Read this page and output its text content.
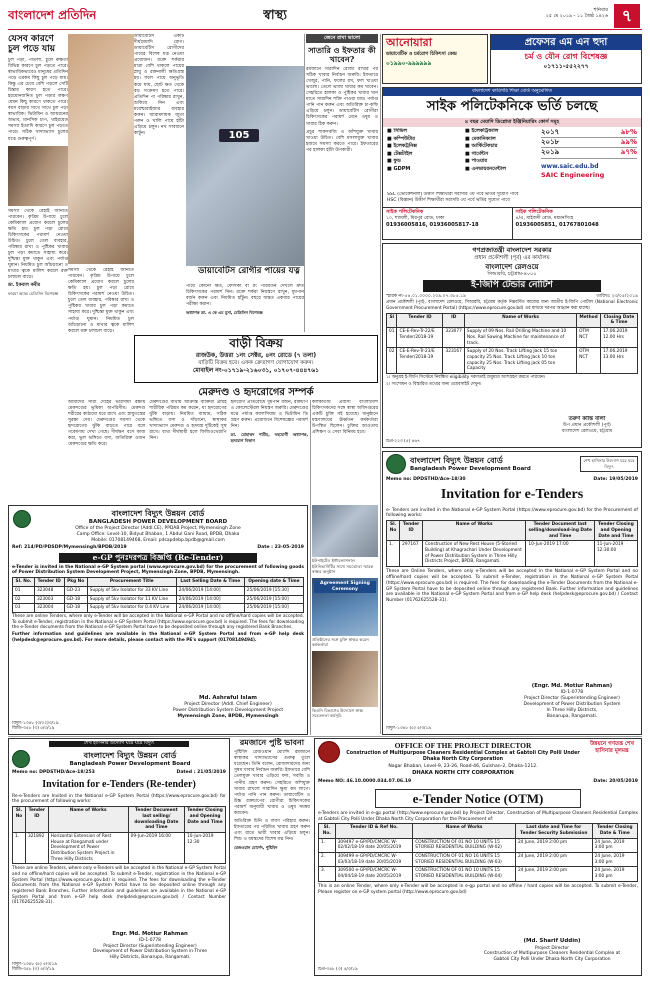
বাংলাদেশ প্রতিদিন	স্বাস্থ্য	শনিবার
২৫ মে ২০১৯ - ১১ জৈষ্ঠ ১৪২৬ ৭
যেসব কারণে চুল পড়ে যায়

চুল পড়া, পাতলা, চুলে রুক্ষতা বিভিন্ন কারণে চুল পড়তে পারে। স্বাভাবিকভাবেও মানুষের প্রতিদিন পড়ে এরকম কিছু চুল পড়ে যায়। কিন্তু এর চেয়ে বেশি পড়লে সেটি চিন্তার কারণ হতে পারে। হরমোনজনিত চুল পড়ার লক্ষণ যেমন কিছু কারণে থাকতে পারে। বয়স বাড়ার সাথে সাথে চুল পড়া স্বাভাবিক। ভিটামিন ও আয়রনের অভাব, মানসিক চাপ, থাইরয়েড সমস্যা ইত্যাদি কারণে চুল পড়তে পারে। সঠিক খাদ্যাভ্যাস চুলের যত্নে গুরুত্বপূর্ণ।

সমস্যা থেকে রেহাই জানতে পারবেন। কৃত্রিম উপায়ে চুলে কেমিক্যাল প্রয়োগ করলে চুলের ক্ষতি হয়। চুল পড়া রোধে চিকিৎসকের পরামর্শ নেওয়া উচিত। চুলে তেল ব্যবহার, পরিষ্কার রাখা ও পুষ্টিকর খাবার চুল পড়া কমাতে সাহায্য করে। দুশ্চিন্তা মুক্ত থাকুন এবং পর্যাপ্ত ঘুমান। নিয়মিত চুল আঁচড়ানো ও মাথার ত্বকে মালিশ করলে রক্ত চলাচল বাড়ে।

ডা. ইকবাল কবীর

ফারমা অ্যান্ড মেডিসিন বিশেষজ্ঞ

105

ডায়াবেটিস একটি দীর্ঘমেয়াদি রোগ। ডায়াবেটিস রোগীদের পায়ের বিশেষ যত্ন নেওয়া প্রয়োজন। রক্তে শর্করার মাত্রা বেশি থাকলে পায়ের স্নায়ু ও রক্তনালী ক্ষতিগ্রস্ত হয়। ফলে পায়ে অনুভূতি কমে যায়, ছোট ক্ষত থেকে বড় সংক্রমণ হতে পারে। প্রতিদিন পা পরিষ্কার রাখুন, শুকিয়ে নিন এবং ময়েশ্চারাইজার ব্যবহার করুন। আরামদায়ক জুতা পরুন ও খালি পায়ে হাঁটা এড়িয়ে চলুন। নখ সাবধানে কাটুন।

ডায়াবেটিস রোগীর পায়ের যত্ন

পায়ে কোনো ক্ষত, ফোসকা বা রং পরিবর্তন দেখলে দ্রুত চিকিৎসকের পরামর্শ নিন। রক্তে শর্করা নিয়ন্ত্রণে রাখুন, ধূমপান বর্জন করুন এবং নিয়মিত হাঁটুন। বছরে অন্তত একবার পায়ের পরীক্ষা করান।

অধ্যাপক ডা. এ কে এম মূসা, মেডিসিন বিশেষজ্ঞ

জেনে রাখা ভালো
সাতারি ও ইফতার কী খাবেন?

রমজানে সারাদিন রোজা রাখার পর সঠিক খাবার নির্বাচন জরুরি। ইফতারে খেজুর, পানি, ফলের রস, ফল খাওয়া ভালো। তেলে ভাজা খাবার কম খাবেন। সেহরিতে হালকা ও পুষ্টিকর খাবার খান যাতে সারাদিন শক্তি পাওয়া যায়। পর্যাপ্ত পানি পান করুন এবং অতিরিক্ত চা-কফি এড়িয়ে চলুন। ডায়াবেটিস রোগীরা চিকিৎসকের পরামর্শ মেনে ওষুধ ও খাবার ঠিক করুন।

প্রচুর শাকসবজি ও আঁশযুক্ত খাবার খাওয়া উচিত। বেশি মসলাযুক্ত খাবার হজমে সমস্যা করতে পারে। ইফতারের পর হালকা হাঁটা উপকারী।

আনোয়ারা
ডায়াবেটিক ও চর্মরোগ চিকিৎসা কেন্দ্র
০১৯৯০-৯৯৯৯৯৯
প্রফেসর এম এন হুদা
চর্ম ও যৌন রোগ বিশেষজ্ঞ
০১৭১১-৫৫২২৭৭
বাংলাদেশ কারিগরি শিক্ষা বোর্ড অনুমোদিত
সাইক পলিটেকনিকে ভর্তি চলছে
৪ বছর মেয়াদি ডিপ্লোমা ইঞ্জিনিয়ারিং কোর্স সমূহ
■ সিভিল	■ ইলেকট্রিক্যাল
■ কম্পিউটার	■ মেকানিক্যাল
■ ইলেকট্রনিক্স	■ আর্কিটেকচার
■ টেক্সটাইল	■ গার্মেন্টস
■ ফুড	■ পাওয়ার
■ GDPM	■ এনভায়রনমেন্টাল
২০১৭	৯৮%
২০১৮	৯৯%
২০১৯	৯৭%
www.saic.edu.bd
SAIC Engineering
SSC (ভোকেশনাল) উত্তীর্ণ শিক্ষার্থীরা সরাসরি ৩য় পর্বে ভর্তির সুযোগ পাবে
HSC (বিজ্ঞান) উত্তীর্ণ শিক্ষার্থীরা সরাসরি ৩য় পর্বে ভর্তির সুযোগ পাবে
সাইক পলিটেকনিক
১০, শ্যামলী, মিরপুর রোড, ঢাকা
01936005816, 01936005817-18
সাইক পলিটেকনিক
৪/এ, মাইজদী রোড, ময়মনসিংহ
01936005851, 01767801048
গণপ্রজাতন্ত্রী বাংলাদেশ সরকার
প্রধান প্রকৌশলী (পূর্ব) এর কার্যালয়
বাংলাদেশ রেলওয়ে
সিআরবি, চট্টগ্রাম-৪০০০
ই-জিপি টেন্ডার নোটিশ
স্মারক নং-৫৪.০১.০০০০.২০৯.০৭.৩৮৫.১৯	তারিখঃ ২৩/০৫/২০১৯
প্রধান প্রকৌশলী (পূর্ব), বাংলাদেশ রেলওয়ে, সিআরবি, চট্টগ্রাম কর্তৃক নিম্নবর্ণিত কাজের জন্য জাতীয় ই-জিপি পোর্টাল (National Electronic Government Procurement Portal) (https://www.eprocure.gov.bd) এর মাধ্যমে দরপত্র আহ্বান করা যাচ্ছে।
Sl	Tender ID	ID	Name of Works	Method	Closing Date & Time
01	CE-E-Rev-Tr-22/E Tender/2018-19	323077	Supply of 09 Nos. Rail Drilling Machine and 10 Nos. Rail Sawing Machine for maintenance of track.	OTM NCT	17.06.2019 12.00 Hrs
02	CE-E-Rev-Tr-23/E Tender/2018-19	323167	Supply of 20 Nos. Track Lifting Jack 15 ton capacity 25 Nos. Track Lifting Jack 10 ton capacity 25 Nos. Track Lifting jack 05 ton Capacity	OTM NCT	17.06.2019 13.00 Hrs
১। অনুগ্রহ ই-জিপি সিস্টেমে নিবন্ধিত eligibility দরদাতাই শুধুমাত্র অংশগ্রহণ করতে পারবেন।
২। সংশোধন ও বিস্তারিত তথ্যের জন্য ওয়েবসাইট দেখুন।
তরুণ কান্তি বালা
উপ প্রধান প্রকৌশলী (পূর্ব)
বাংলাদেশ রেলওয়ে, চট্টগ্রাম
চিপ্র-২২৩ (৫) ৪৬৭
বাড়ী বিক্রয়
রাজউক, উত্তরা ১নং সেক্টর, ৪নং রোডে (৭ তলা)
বাড়িটি বিক্রয় হবে। একক ক্রেতাগণ যোগাযোগ করুন।
মোবাইল নং-০১৭১৯-২১৬০৩১, ০১৭০৭-৪৪৪৭৬১

সমস্যা থেকে রেহাই জানতে পারবেন। কৃত্রিম উপায়ে চুলে কেমিক্যাল প্রয়োগ করলে চুলের ক্ষতি হয়। চুল পড়া রোধে চিকিৎসকের পরামর্শ নেওয়া উচিত। চুলে তেল ব্যবহার, পরিষ্কার রাখা ও পুষ্টিকর খাবার চুল পড়া কমাতে সাহায্য করে। দুশ্চিন্তা মুক্ত থাকুন এবং পর্যাপ্ত ঘুমান। নিয়মিত চুল আঁচড়ানো ও মাথার ত্বকে মালিশ করলে রক্ত চলাচল বাড়ে।

মেরুদণ্ড ও হৃদরোগের সম্পর্ক

আমাদের সারা দেহের ভারসাম্য রক্ষায় মেরুদণ্ডের ভূমিকা অপরিসীম। মেরুদণ্ড শরীরের কাঠামো ধরে রাখে এবং স্নায়ুতন্ত্রের সুরক্ষা দেয়। মেরুদণ্ডের সমস্যা থেকে হৃদরোগের ঝুঁকি বাড়তে পারে বলে গবেষণায় দেখা গেছে। দীর্ঘক্ষণ বসে কাজ করা, ভুল ভঙ্গিতে বসা, অতিরিক্ত ওজন মেরুদণ্ডের ক্ষতি করে।

মেরুদণ্ডের ব্যথায় আক্রান্ত ব্যক্তিরা প্রায়ই শারীরিক পরিশ্রম কম করেন, যা হৃদরোগের ঝুঁকি বাড়ায়। নিয়মিত ব্যায়াম, সঠিক ভঙ্গিতে বসা ও দাঁড়ানো, স্বাস্থ্যকর খাদ্যাভ্যাস মেরুদণ্ড ও হৃদযন্ত্র দুটিকেই সুস্থ রাখে। ব্যথা দীর্ঘস্থায়ী হলে ফিজিওথেরাপি নিন।

হৃদরোগ প্রতিরোধে ধূমপান বর্জন, রক্তচাপ ও কোলেস্টেরল নিয়ন্ত্রণ জরুরি। মেরুদণ্ডের যত্নে পর্যাপ্ত ক্যালসিয়াম ও ভিটামিন ডি গ্রহণ করুন। প্রয়োজনে বিশেষজ্ঞের পরামর্শ নিন।

ডা. মোহাম্মদ শামীম, সহযোগী অধ্যাপক, হৃদরোগ বিভাগ

কলকাতায় প্রবাসী বাংলাদেশি চিকিৎসকদের সঙ্গে স্বাস্থ্য অধিদপ্তরের একটি চুক্তি সই হয়েছে। অনুষ্ঠানে মন্ত্রণালয়ের ঊর্ধ্বতন কর্মকর্তারা উপস্থিত ছিলেন। চুক্তির আওতায় প্রশিক্ষণ ও সেবা বিনিময় হবে।

বাংলাদেশ বিদ্যুৎ উন্নয়ন বোর্ড
BANGLADESH POWER DEVELOPMENT BOARD
Office of the Project Director (Addl.CE), PPDAB Project, Mymensingh Zone
Camp Office: Level-10, Bidyut Bhaban, 1 Abdul Gani Road, BPDB, Dhaka
Mobile: 01708149468, Email: pdcapdebp.bpdb@gmail.com
Ref: 214/PD/PDSDP/Mymensingh/BPDB/2019	Date : 23-05-2019
e-GP পুনঃদরপত্র বিজ্ঞপ্তি (Re-Tender)
e-Tender is invited in the National e-GP System portal (www.eprocure.gov.bd) for the procurement of following goods of Power Distribution System Development Project, Mymensingh Zone, BPDB, Mymensingh.
Sl. No.	Tender ID	Pkg No	Procurement Title	Last Selling Date & Time	Opening date & Time
01	323048	GD-23	Supply of 5kv Isolator for 33 KV Line	24/06/2019 [14:00]	25/06/2019 [15:30]
02	323003	GD-18	Supply of 5kv Isolator for 11 KV Line	24/06/2019 [14:00]	25/06/2019 [15:00]
03	323004	GD-18	Supply of 5kv Isolator for 0.4 KV Line	24/06/2019 [14:00]	25/06/2019 [15:00]
These are online Tenders, where only e-Tender will be accepted in the National e-GP Portal and no offline/hard copies will be accepted. To submit e-Tender, registration in the National e-GP System Portal (https://www.eprocure.gov.bd) is required. The fees for downloading the e-Tender documents from the National e-GP System Portal have to be deposited online through any registered Bank Branches.
Further information and guidelines are available in the National e-GP System Portal and from e-GP help desk (helpdesk@eprocure.gov.bd). For more details, please contact with the PE's support (01708149494).
Md. Ashraful Islam
Project Director (Addl. Chief Engineer)
Power Distribution System Development Project
Mymensingh Zone, BPDB, Mymensingh
বিদ্যুৎ-১৩৪৮ (৩/০২)৩/১৯
জিডি-৩৫৮ (৩) ৫/৩/১৯
ইউনাইটেড ইন্টারন্যাশনাল ইউনিভার্সিটির সাথে সমঝোতা স্মারক স্বাক্ষর অনুষ্ঠান
Agreement Signing Ceremony
প্রতিষ্ঠানের সঙ্গে চুক্তি স্বাক্ষর করেন কর্মকর্তারা
কিডনি বিভাগের উদ্যোগে স্বাস্থ্য সচেতনতা কর্মসূচি
বাংলাদেশ বিদ্যুৎ উন্নয়ন বোর্ড
Bangladesh Power Development Board
শেখ হাসিনার উদ্যোগ ঘরে ঘরে বিদ্যুৎ
Memo no: DPDSTHD/Ace-18/30	Date: 19/05/2019
Invitation for e-Tenders
e- Tenders are invited in the National e-GP System Portal (https://www.eprocure.gov.bd) for the Procurement of following works:
Sl. No	Tender ID	Name of Works	Tender Document last selling/download-ing Date and Time	Tender Closing and Opening Date and Time
1.	297167	Construction of New Rest House (5-Storied Building) at Khagrachari Under Development of Power Distribution System in Three Hilly Districts Project, BPDB, Rangamati.	10-Jun-2019 17:00	11-Jun-2019 12:30:00
These are Online Tenders, where only e-Tenders will be accepted in the National e-GP System Portal and no offline/hard copies will be accepted. To submit e-Tender, registration in the National e-GP System Portal (https://www.eprocure.gov.bd) is required. The fees for downloading the e-Tender Documents from the National e-GP System Portal have to be deposited online through any registered Bank. Further information and guidelines are available in the National e-GP System Portal and from e-GP help desk (helpdesk@eprocure.gov.bd) / Contact Number (01762625528-31).
(Engr. Md. Motiur Rahman)
ID-1-0778
Project Director (Superintending Engineer)
Development of Power Distribution System
In Three Hilly Districts,
Banarupa, Rangamati.
বিদ্যুৎ-১৩৪৮ (৫) ৫/৩/১৯
শেখ হাসিনার উদ্যোগ ঘরে ঘরে বিদ্যুৎ
বাংলাদেশ বিদ্যুৎ উন্নয়ন বোর্ড
Bangladesh Power Development Board
Memo no: DPDSTHD/Ace-18/253	Dated : 21/05/2019
Invitation for e-Tenders (Re-tender)
Re-e-Tenders are Invited in the National e-GP System Portal (https://www.eprocure.gov.bd) for the procurement of following works:
Sl. No	Tender ID	Name of Works	Tender Document last selling/ downloading Date and Time	Tender Closing and Opening Date and Time
1.	321892	Horizontal Extension of Rest House at Rangamati under Development of Power Distribution System Project in Three Hilly Districts	09-Jun-2019 16:00	10-Jun-2019 12:30
These are online Tenders, where only e-Tenders will be accepted in the National e-GP System Portal and no offline/hard copies will be accepted. To submit e-Tender, registration in the National e-GP System Portal (https://www.eprocure.gov.bd) is required. The fees for downloading the e-Tender Documents from the National e-GP System Portal have to be deposited online through any registered Bank Branches. Further information and guidelines are available in the National e-GP System Portal and from e-GP help desk (helpdesk@eprocure.gov.bd) / Contact Number (01762625528-31).
Engr. Md. Motiur Rahman
ID-1-0778
Project Director (Superintending Engineer)
Development of Power Distribution System in Three
Hilly Districts, Banarupa, Rangamati.
বিদ্যুৎ-১৩৪৮ (৫) ৫/৩/১৯
জিডি-৩৫৮ (৩) ৫/৩/১৯
রমজানে পুষ্টি ভাবনা

পুষ্টিবিদ রেজওয়ান মোর্শেদ রমজানে স্বাস্থ্যকর খাদ্যাভ্যাসের গুরুত্ব তুলে ধরেছেন। তিনি বলেন, রোজাদারদের জন্য সুষম খাবার নির্বাচন জরুরি। ইফতারে বেশি তেলযুক্ত খাবার এড়িয়ে ফল, সবজি ও পানীয় গ্রহণ করুন। সেহরিতে আঁশযুক্ত খাবার রাখলে সারাদিন ক্ষুধা কম লাগে। পর্যাপ্ত পানি পান করুন। ডায়াবেটিস ও উচ্চ রক্তচাপের রোগীরা চিকিৎসকের পরামর্শ অনুযায়ী খাবার ও ওষুধ সমন্বয় করবেন।

অতিরিক্ত চিনি ও লবণ পরিহার করুন। ইফতারের পর পরিমিত খাবার গ্রহণ করুন এবং রাতে ভারী খাবার এড়িয়ে চলুন। শিশু ও বয়স্কদের বিশেষ যত্ন নিন।

রেজওয়ান মোর্শেদ, পুষ্টিবিদ

OFFICE OF THE PROJECT DIRECTOR
Construction of Multipurpose Cleaners Residential Complex at Gabtoli City Polli Under Dhaka North City Corporation
Nagar Bhaban, Level-9, 23-26, Road-46, Gulshan-2, Dhaka-1212.
DHAKA NORTH CITY CORPORATION
উন্নয়নে গণতন্ত্র শেখ হাসিনার মূলমন্ত্র
Memo NO: 46.10.0000.034.07.06.19	Date: 20/05/2019
e-Tender Notice (OTM)
e-Tenders are invited in e-gp portal (http://www.eprocure.gov.bd) by Project Director, Construction of Multipurpose Cleaners Residential Complex at Gabtoli City Polli Under Dhaka North City Corporation for the Procurement of:
Sl. No.	Tender ID & Ref No.	Name of Works	Last date and Time for Tender Security Submission	Tender Closing Date & Time
1.	309497 e-GP/PD/CMCRC W-02/02/18-19 date 20/05/2019	CONSTRUCTION OF 01 NO 10 UNITS 15 STORIED RESIDENTIAL BUILDING (W-02)	24 June, 2019 2:00 pm	24 June, 2019 3:00 pm
2.	309499 e-GP/PD/CMCRC W-03/03/18-19 date 20/05/2019	CONSTRUCTION OF 01 NO 16 UNITS 15 STORIED RESIDENTIAL BUILDING (W-03)	24 June, 2019 2:00 pm	24 June, 2019 3:00 pm
3.	309500 e-GP/PD/CMCRC W-04/04/18-19 date 20/05/2019	CONSTRUCTION OF 01 NO 10 UNITS 15 STORIED RESIDENTIAL BUILDING (W-04)	24 June, 2019 2:00 pm	24 June, 2019 3:00 pm
This is an online Tender, where only e-Tender will be accepted in e-gp portal and no offline / hard copies will be accepted. To submit e-Tender, Please register on e-GP system portal (http://www.eprocure.gov.bd)
(Md. Sharif Uddin)
Project Director
Construction of Multipurpose Cleaners Residential Complex at
Gabtoli City Polli Under Dhaka North City Corporation
চিপ্র-৩৪৮ (৩) ৫/৩/১৯
